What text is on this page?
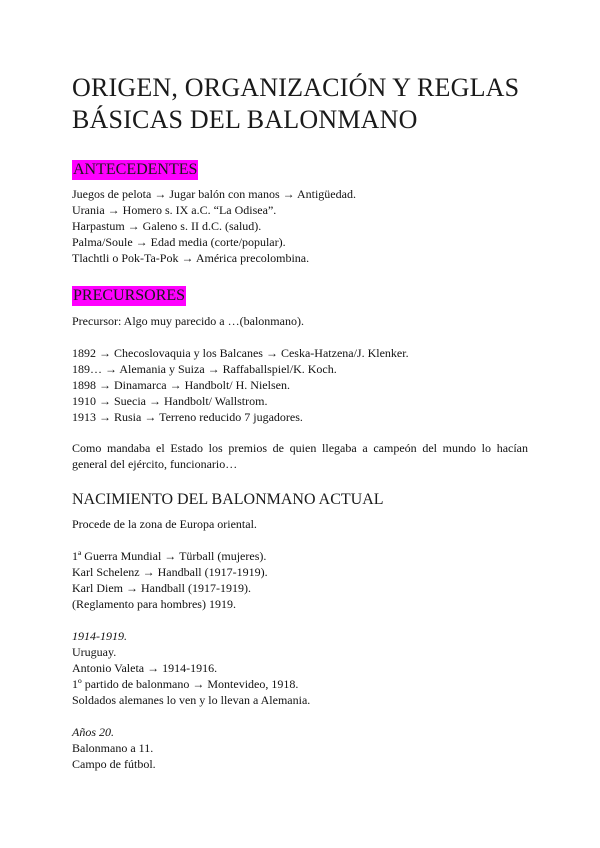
ORIGEN, ORGANIZACIÓN Y REGLAS
BÁSICAS DEL BALONMANO
ANTECEDENTES
Juegos de pelota → Jugar balón con manos → Antigüedad.
Urania → Homero s. IX a.C. “La Odisea”.
Harpastum → Galeno s. II d.C. (salud).
Palma/Soule → Edad media (corte/popular).
Tlachtli o Pok-Ta-Pok → América precolombina.
PRECURSORES
Precursor: Algo muy parecido a …(balonmano).
1892 → Checoslovaquia y los Balcanes → Ceska-Hatzena/J. Klenker.
189… → Alemania y Suiza → Raffaballspiel/K. Koch.
1898 → Dinamarca → Handbolt/ H. Nielsen.
1910 → Suecia → Handbolt/ Wallstrom.
1913 → Rusia → Terreno reducido 7 jugadores.
Como mandaba el Estado los premios de quien llegaba a campeón del mundo lo hacían general del ejército, funcionario…
NACIMIENTO DEL BALONMANO ACTUAL
Procede de la zona de Europa oriental.
1ª Guerra Mundial → Türball (mujeres).
Karl Schelenz → Handball (1917-1919).
Karl Diem → Handball (1917-1919).
(Reglamento para hombres) 1919.
1914-1919.
Uruguay.
Antonio Valeta → 1914-1916.
1º partido de balonmano → Montevideo, 1918.
Soldados alemanes lo ven y lo llevan a Alemania.
Años 20.
Balonmano a 11.
Campo de fútbol.
